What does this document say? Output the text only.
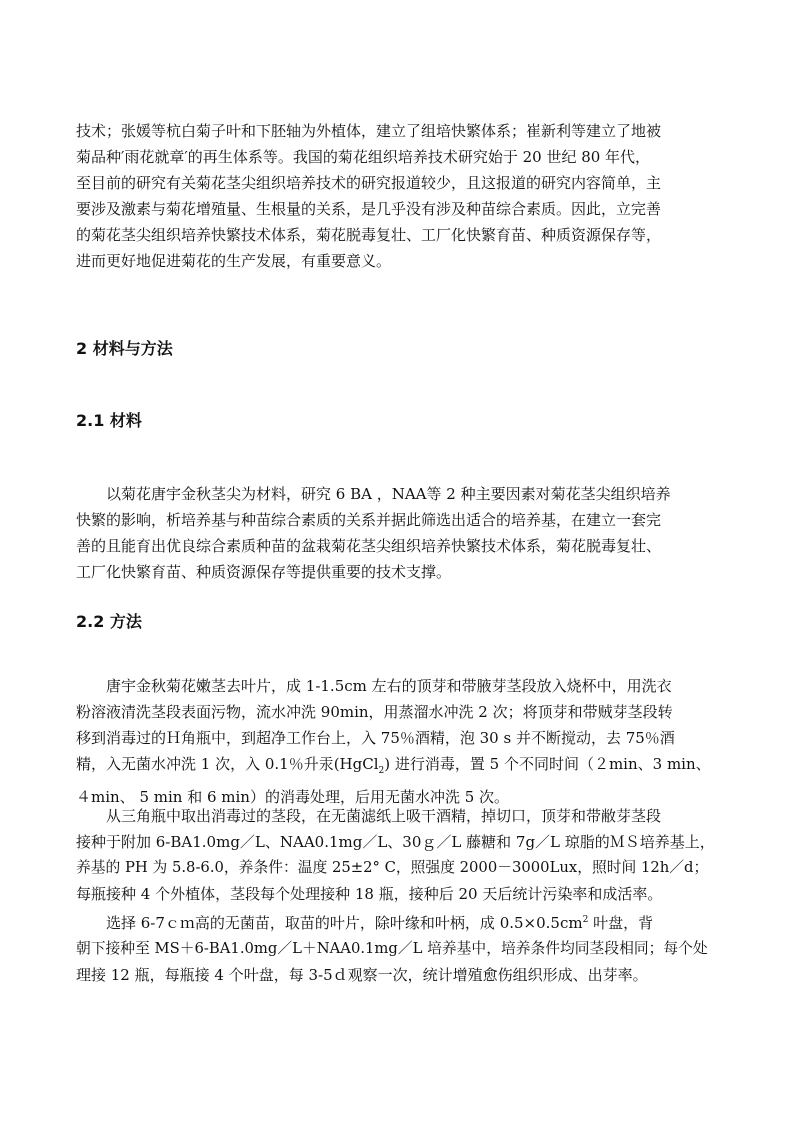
技术；张媛等杭白菊子叶和下胚轴为外植体，建立了组培快繁体系；崔新利等建立了地被
菊品种′雨花就章′的再生体系等。我国的菊花组织培养技术研究始于 20 世纪 80 年代，
至目前的研究有关菊花茎尖组织培养技术的研究报道较少，且这报道的研究内容简单，主
要涉及激素与菊花增殖量、生根量的关系，是几乎没有涉及种苗综合素质。因此，立完善
的菊花茎尖组织培养快繁技术体系，菊花脱毒复壮、工厂化快繁育苗、种质资源保存等，
进而更好地促进菊花的生产发展，有重要意义。

2 材料与方法
2.1 材料

以菊花唐宇金秋茎尖为材料，研究 6 BA ，NAA等 2 种主要因素对菊花茎尖组织培养
快繁的影响，析培养基与种苗综合素质的关系并据此筛选出适合的培养基，在建立一套完
善的且能育出优良综合素质种苗的盆栽菊花茎尖组织培养快繁技术体系，菊花脱毒复壮、
工厂化快繁育苗、种质资源保存等提供重要的技术支撑。

2.2 方法

唐宇金秋菊花嫩茎去叶片，成 1-1.5cm 左右的顶芽和带腋芽茎段放入烧杯中，用洗衣
粉溶液清洗茎段表面污物，流水冲洗 90min，用蒸溜水冲洗 2 次；将顶芽和带贼芽茎段转
移到消毒过的Ｈ角瓶中，到超净工作台上，入 75％酒精，泡 30 s 并不断搅动，去 75％酒
精，入无菌水冲洗 1 次，入 0.1％升汞(HgCl$_2$) 进行消毒，置 5 个不同时间（２min、3 min、
４min、 5 min 和 6 min）的消毒处理，后用无菌水冲洗 5 次。

从三角瓶中取出消毒过的茎段，在无菌滤纸上吸干酒精，掉切口，顶芽和带敝芽茎段
接种于附加 6-BA1.0mg／L、NAA0.1mg／L、30ｇ／L 藤糖和 7g／L 琼脂的ＭＳ培养基上，
养基的 PH 为 5.8-6.0，养条件：温度 25±2° C，照强度 2000－3000Lux，照时间 12h／d；
每瓶接种 4 个外植体，茎段每个处理接种 18 瓶，接种后 20 天后统计污染率和成活率。

选择 6-7ｃｍ高的无菌苗，取苗的叶片，除叶缘和叶柄，成 $0.5\times 0.5cm^2$ 叶盘，背
朝下接种至 MS＋6-BA1.0mg／L＋NAA0.1mg／L 培养基中，培养条件均同茎段相同；每个处
理接 12 瓶，每瓶接 4 个叶盘，每 3-5ｄ观察一次，统计增殖愈伤组织形成、出芽率。
